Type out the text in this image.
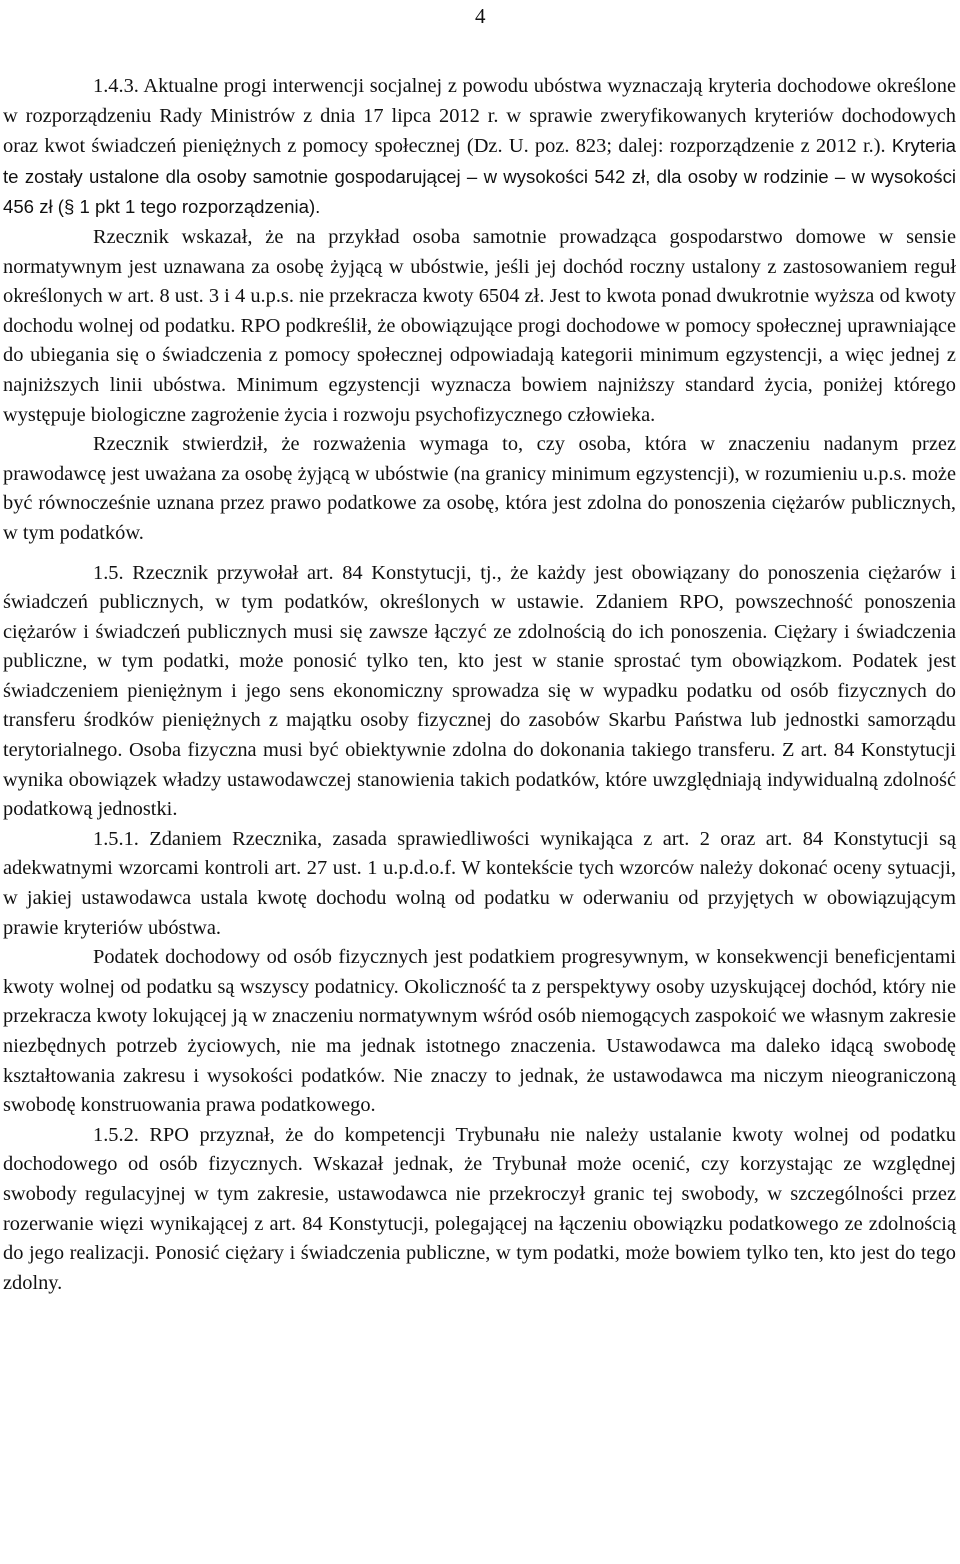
4

1.4.3. Aktualne progi interwencji socjalnej z powodu ubóstwa wyznaczają kryteria dochodowe określone w rozporządzeniu Rady Ministrów z dnia 17 lipca 2012 r. w sprawie zweryfikowanych kryteriów dochodowych oraz kwot świadczeń pieniężnych z pomocy społecznej (Dz. U. poz. 823; dalej: rozporządzenie z 2012 r.). Kryteria te zostały ustalone dla osoby samotnie gospodarującej – w wysokości 542 zł, dla osoby w rodzinie – w wysokości 456 zł (§ 1 pkt 1 tego rozporządzenia).

Rzecznik wskazał, że na przykład osoba samotnie prowadząca gospodarstwo domowe w sensie normatywnym jest uznawana za osobę żyjącą w ubóstwie, jeśli jej dochód roczny ustalony z zastosowaniem reguł określonych w art. 8 ust. 3 i 4 u.p.s. nie przekracza kwoty 6504 zł. Jest to kwota ponad dwukrotnie wyższa od kwoty dochodu wolnej od podatku. RPO podkreślił, że obowiązujące progi dochodowe w pomocy społecznej uprawniające do ubiegania się o świadczenia z pomocy społecznej odpowiadają kategorii minimum egzystencji, a więc jednej z najniższych linii ubóstwa. Minimum egzystencji wyznacza bowiem najniższy standard życia, poniżej którego występuje biologiczne zagrożenie życia i rozwoju psychofizycznego człowieka.

Rzecznik stwierdził, że rozważenia wymaga to, czy osoba, która w znaczeniu nadanym przez prawodawcę jest uważana za osobę żyjącą w ubóstwie (na granicy minimum egzystencji), w rozumieniu u.p.s. może być równocześnie uznana przez prawo podatkowe za osobę, która jest zdolna do ponoszenia ciężarów publicznych, w tym podatków.

1.5. Rzecznik przywołał art. 84 Konstytucji, tj., że każdy jest obowiązany do ponoszenia ciężarów i świadczeń publicznych, w tym podatków, określonych w ustawie. Zdaniem RPO, powszechność ponoszenia ciężarów i świadczeń publicznych musi się zawsze łączyć ze zdolnością do ich ponoszenia. Ciężary i świadczenia publiczne, w tym podatki, może ponosić tylko ten, kto jest w stanie sprostać tym obowiązkom. Podatek jest świadczeniem pieniężnym i jego sens ekonomiczny sprowadza się w wypadku podatku od osób fizycznych do transferu środków pieniężnych z majątku osoby fizycznej do zasobów Skarbu Państwa lub jednostki samorządu terytorialnego. Osoba fizyczna musi być obiektywnie zdolna do dokonania takiego transferu. Z art. 84 Konstytucji wynika obowiązek władzy ustawodawczej stanowienia takich podatków, które uwzględniają indywidualną zdolność podatkową jednostki.

1.5.1. Zdaniem Rzecznika, zasada sprawiedliwości wynikająca z art. 2 oraz art. 84 Konstytucji są adekwatnymi wzorcami kontroli art. 27 ust. 1 u.p.d.o.f. W kontekście tych wzorców należy dokonać oceny sytuacji, w jakiej ustawodawca ustala kwotę dochodu wolną od podatku w oderwaniu od przyjętych w obowiązującym prawie kryteriów ubóstwa.

Podatek dochodowy od osób fizycznych jest podatkiem progresywnym, w konsekwencji beneficjentami kwoty wolnej od podatku są wszyscy podatnicy. Okoliczność ta z perspektywy osoby uzyskującej dochód, który nie przekracza kwoty lokującej ją w znaczeniu normatywnym wśród osób niemogących zaspokoić we własnym zakresie niezbędnych potrzeb życiowych, nie ma jednak istotnego znaczenia. Ustawodawca ma daleko idącą swobodę kształtowania zakresu i wysokości podatków. Nie znaczy to jednak, że ustawodawca ma niczym nieograniczoną swobodę konstruowania prawa podatkowego.

1.5.2. RPO przyznał, że do kompetencji Trybunału nie należy ustalanie kwoty wolnej od podatku dochodowego od osób fizycznych. Wskazał jednak, że Trybunał może ocenić, czy korzystając ze względnej swobody regulacyjnej w tym zakresie, ustawodawca nie przekroczył granic tej swobody, w szczególności przez rozerwanie więzi wynikającej z art. 84 Konstytucji, polegającej na łączeniu obowiązku podatkowego ze zdolnością do jego realizacji. Ponosić ciężary i świadczenia publiczne, w tym podatki, może bowiem tylko ten, kto jest do tego zdolny.
